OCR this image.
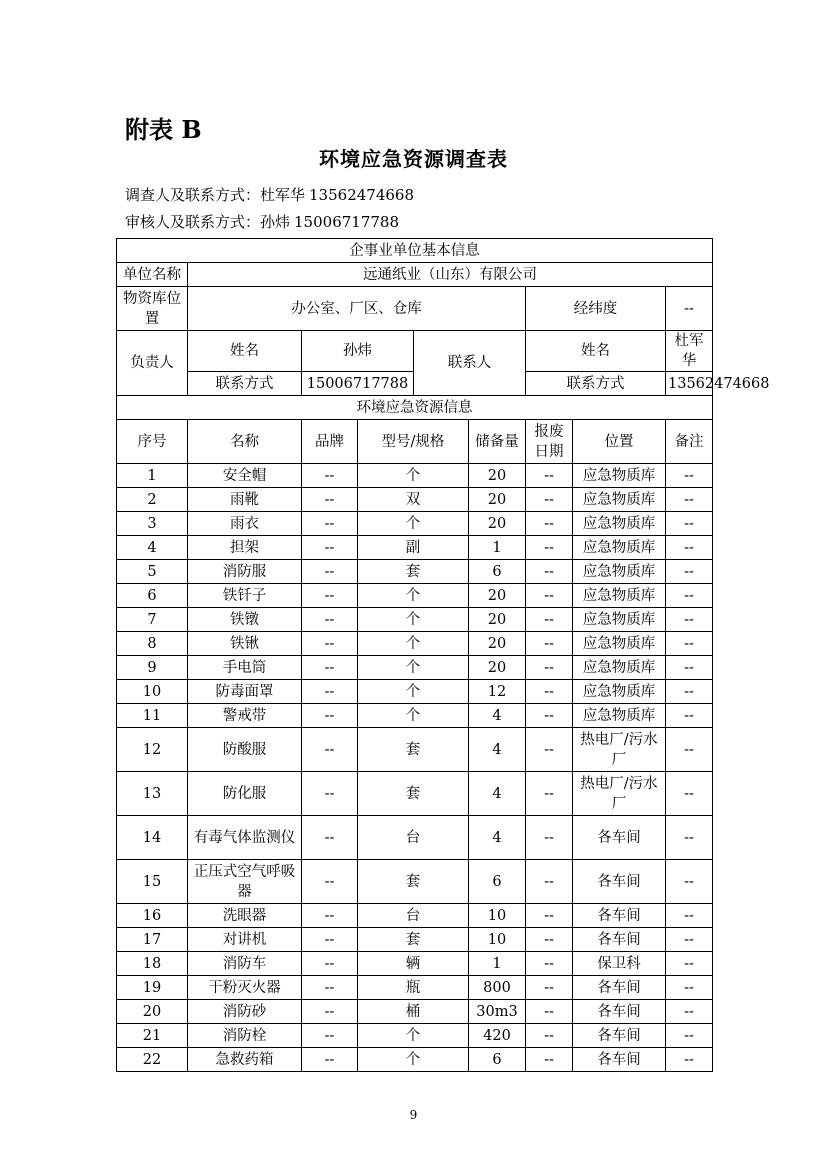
附表 B
环境应急资源调查表
调查人及联系方式：杜军华 13562474668
审核人及联系方式：孙炜 15006717788
企事业单位基本信息								
单位名称	远通纸业（山东）有限公司							
物资库位置	办公室、厂区、仓库					经纬度		--
负责人	姓名	孙炜		联系人		姓名		杜军华
	联系方式	15006717788				联系方式		13562474668
环境应急资源信息								
序号	名称	品牌	型号/规格		储备量	报废日期	位置	备注
1	安全帽	--	个		20	--	应急物质库	--
2	雨靴	--	双		20	--	应急物质库	--
3	雨衣	--	个		20	--	应急物质库	--
4	担架	--	副		1	--	应急物质库	--
5	消防服	--	套		6	--	应急物质库	--
6	铁钎子	--	个		20	--	应急物质库	--
7	铁镦	--	个		20	--	应急物质库	--
8	铁锹	--	个		20	--	应急物质库	--
9	手电筒	--	个		20	--	应急物质库	--
10	防毒面罩	--	个		12	--	应急物质库	--
11	警戒带	--	个		4	--	应急物质库	--
12	防酸服	--	套		4	--	热电厂/污水厂	--
13	防化服	--	套		4	--	热电厂/污水厂	--
14	有毒气体监测仪	--	台		4	--	各车间	--
15	正压式空气呼吸器	--	套		6	--	各车间	--
16	洗眼器	--	台		10	--	各车间	--
17	对讲机	--	套		10	--	各车间	--
18	消防车	--	辆		1	--	保卫科	--
19	干粉灭火器	--	瓶		800	--	各车间	--
20	消防砂	--	桶		30m3	--	各车间	--
21	消防栓	--	个		420	--	各车间	--
22	急救药箱	--	个		6	--	各车间	--
9
